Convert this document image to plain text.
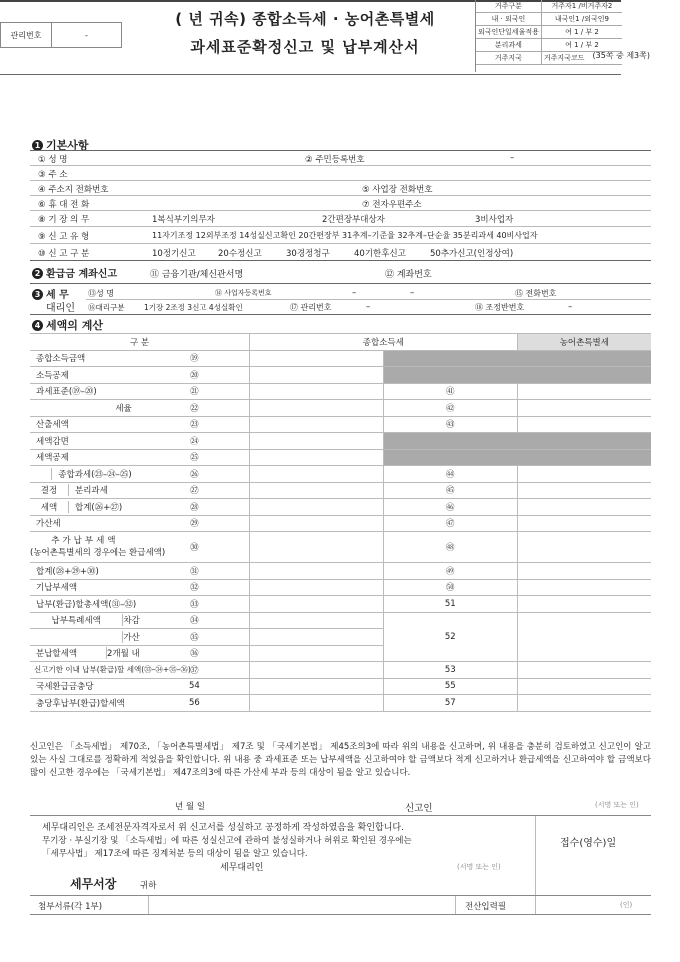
(35쪽 중 제3쪽)
관리번호	-
( 년 귀속) 종합소득세 · 농어촌특별세
과세표준확정신고 및 납부계산서
거주구분	거주자1 /비거주자2
내 · 외국인	내국인1 /외국인9
외국인단일세율적용	여 1 / 부 2
분리과세	여 1 / 부 2
거주지국	거주지국코드
1 기본사항
① 성 명	② 주민등록번호	–
③ 주 소
④ 주소지 전화번호	⑤ 사업장 전화번호
⑥ 휴 대 전 화	⑦ 전자우편주소
⑧ 기 장 의 무	1복식부기의무자	2간편장부대상자	3비사업자
⑨ 신 고 유 형	11자기조정 12외부조정 14성실신고확인 20간편장부 31추계–기준율 32추계–단순율 35분리과세 40비사업자
⑩ 신 고 구 분	10정기신고	20수정신고	30경정청구	40기한후신고	50추가신고(인정상여)
2 환급금 계좌신고	⑪ 금융기관/체신관서명	⑫ 계좌번호
3 세 무
대리인
⑬성 명	⑭ 사업자등록번호	–	–	⑮ 전화번호
⑯대리구분	1기장 2조정 3신고 4성실확인	⑰ 관리번호	–	⑱ 조정반번호	–
4 세액의 계산
구 분		종합소득세		농어촌특별세

종합소득금액	⑲			

소득공제	⑳			

과세표준(⑲–⑳)	㉑		㊶	

세율	㉒		㊷	

산출세액	㉓		㊸	

세액감면	㉔			

세액공제	㉕			

종합과세(㉓–㉔–㉕)	㉖		㊹	

결정 분리과세	㉗		㊺	

세액 합계(㉖+㉗)	㉘		㊻	

가산세	㉙		㊼	

추가납부세액
(농어촌특별세의 경우에는 환급세액)	㉚		㊽	

합계(㉘+㉙+㉚)	㉛		㊾	

기납부세액	㉜		㊿	

납부(환급)할총세액(㉛–㉜)	㉝		51	

납부특례세액 차감	㉞		52	

가산	㉟			

분납할세액 2개월 내	㊱			

신고기한 이내 납부(환급)할 세액(㉝–㉞+㉟–㊱)	㊲		53	

국세환급금충당	54		55	

충당후납부(환급)할세액	56		57	
신고인은 「소득세법」 제70조, 「농어촌특별세법」 제7조 및 「국세기본법」 제45조의3에 따라 위의 내용을 신고하며, 위 내용을 충분히 검토하였고 신고인이 알고 있는 사실 그대로를 정확하게 적었음을 확인합니다. 위 내용 중 과세표준 또는 납부세액을 신고하여야 할 금액보다 적게 신고하거나 환급세액을 신고하여야 할 금액보다 많이 신고한 경우에는 「국세기본법」 제47조의3에 따른 가산세 부과 등의 대상이 됨을 알고 있습니다.
년 월 일	신고인	(서명 또는 인)
세무대리인은 조세전문자격자로서 위 신고서를 성실하고 공정하게 작성하였음을 확인합니다.
무기장 · 부실기장 및 「소득세법」에 따른 성실신고에 관하여 불성실하거나 허위로 확인된 경우에는
「세무사법」 제17조에 따른 징계처분 등의 대상이 됨을 알고 있습니다.
세무대리인	(서명 또는 인)
접수(영수)일
세무서장	귀하
첨부서류(각 1부)	전산입력필	(인)
